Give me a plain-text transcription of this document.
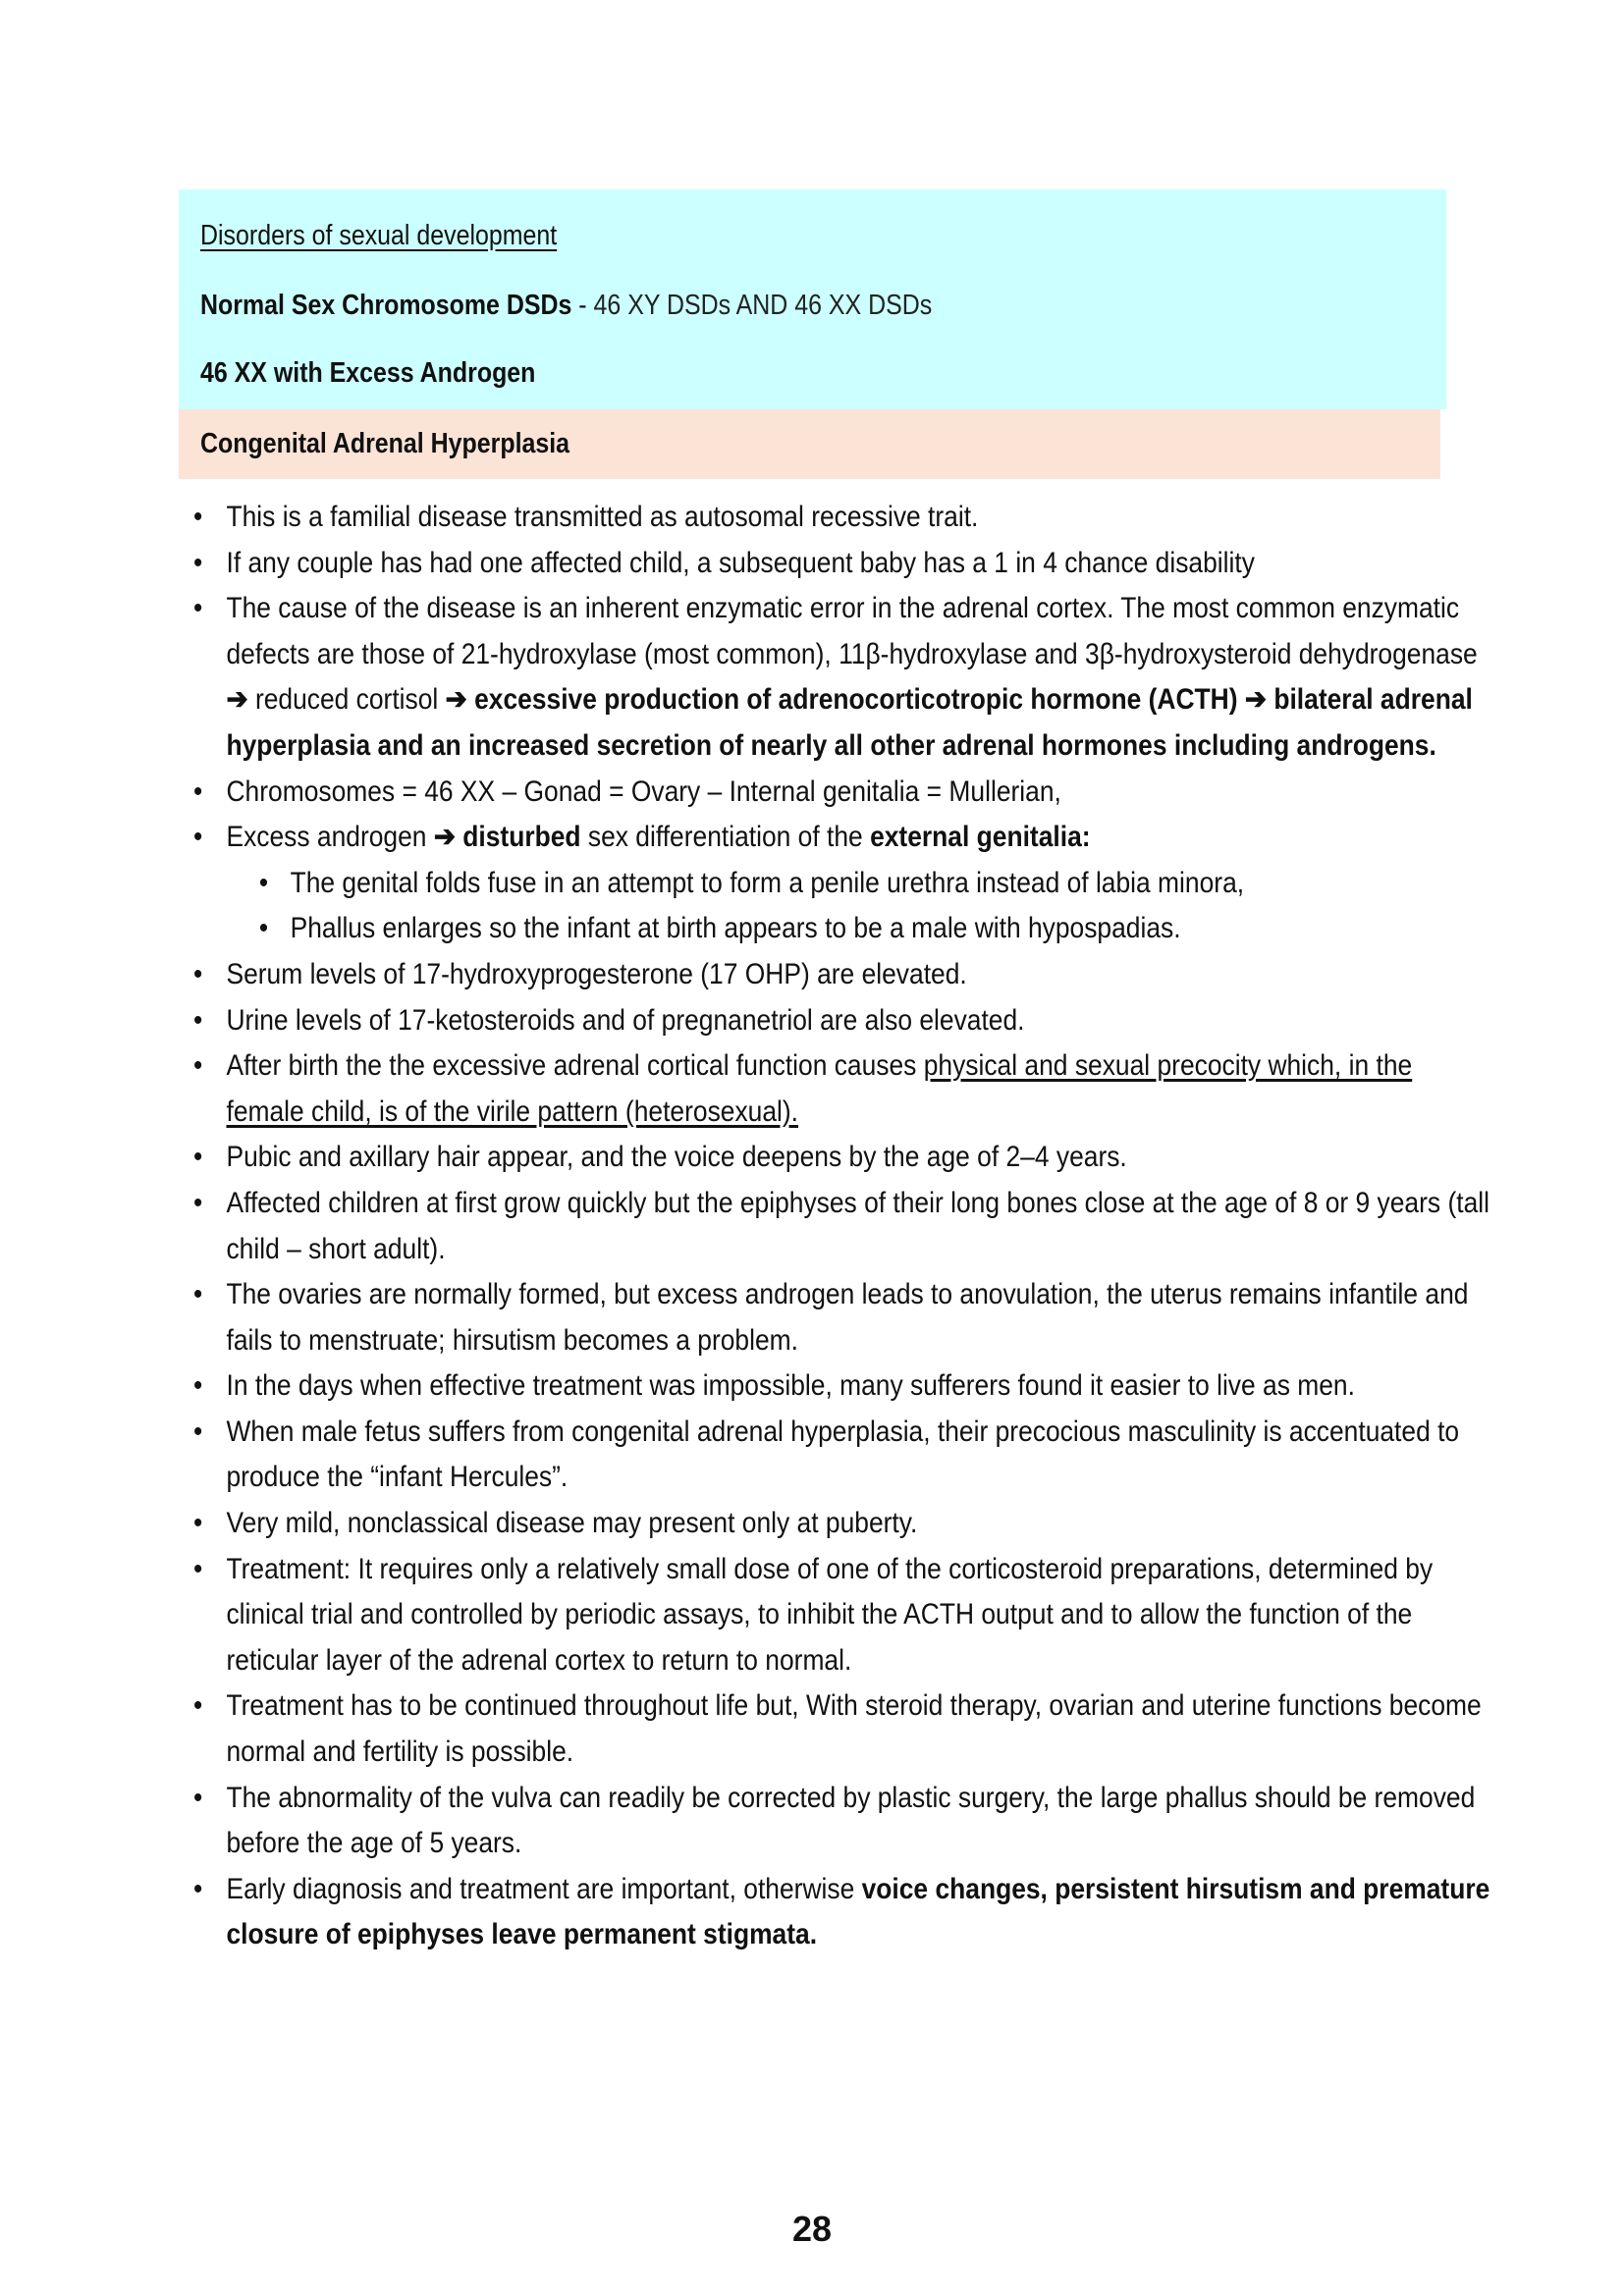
Disorders of sexual development
Normal Sex Chromosome DSDs - 46 XY DSDs AND 46 XX DSDs
46 XX with Excess Androgen
Congenital Adrenal Hyperplasia
• This is a familial disease transmitted as autosomal recessive trait.
• If any couple has had one affected child, a subsequent baby has a 1 in 4 chance disability
• The cause of the disease is an inherent enzymatic error in the adrenal cortex. The most common enzymatic defects are those of 21-hydroxylase (most common), 11β-hydroxylase and 3β-hydroxysteroid dehydrogenase ➔ reduced cortisol ➔ excessive production of adrenocorticotropic hormone (ACTH) ➔ bilateral adrenal hyperplasia and an increased secretion of nearly all other adrenal hormones including androgens.
• Chromosomes = 46 XX – Gonad = Ovary – Internal genitalia = Mullerian,
• Excess androgen ➔ disturbed sex differentiation of the external genitalia:
• The genital folds fuse in an attempt to form a penile urethra instead of labia minora,
• Phallus enlarges so the infant at birth appears to be a male with hypospadias.
• Serum levels of 17-hydroxyprogesterone (17 OHP) are elevated.
• Urine levels of 17-ketosteroids and of pregnanetriol are also elevated.
• After birth the the excessive adrenal cortical function causes physical and sexual precocity which, in the female child, is of the virile pattern (heterosexual).
• Pubic and axillary hair appear, and the voice deepens by the age of 2–4 years.
• Affected children at first grow quickly but the epiphyses of their long bones close at the age of 8 or 9 years (tall child – short adult).
• The ovaries are normally formed, but excess androgen leads to anovulation, the uterus remains infantile and fails to menstruate; hirsutism becomes a problem.
• In the days when effective treatment was impossible, many sufferers found it easier to live as men.
• When male fetus suffers from congenital adrenal hyperplasia, their precocious masculinity is accentuated to produce the “infant Hercules”.
• Very mild, nonclassical disease may present only at puberty.
• Treatment: It requires only a relatively small dose of one of the corticosteroid preparations, determined by clinical trial and controlled by periodic assays, to inhibit the ACTH output and to allow the function of the reticular layer of the adrenal cortex to return to normal.
• Treatment has to be continued throughout life but, With steroid therapy, ovarian and uterine functions become normal and fertility is possible.
• The abnormality of the vulva can readily be corrected by plastic surgery, the large phallus should be removed before the age of 5 years.
• Early diagnosis and treatment are important, otherwise voice changes, persistent hirsutism and premature closure of epiphyses leave permanent stigmata.
28
